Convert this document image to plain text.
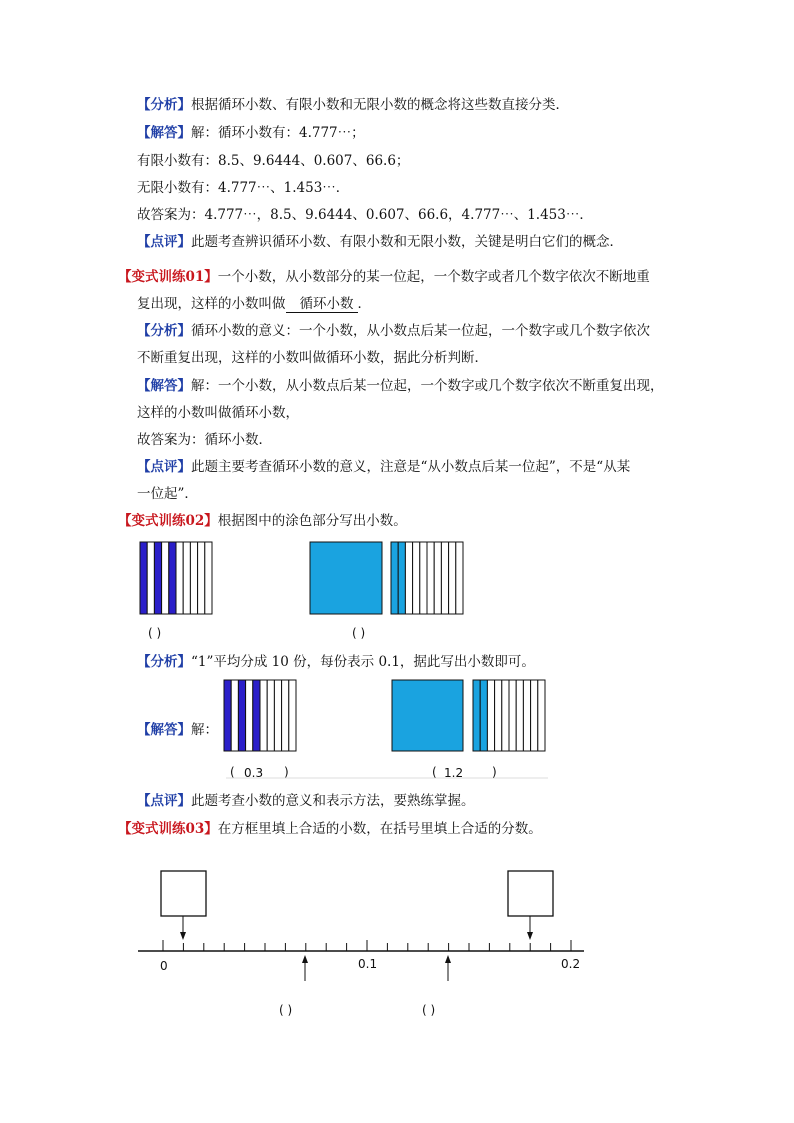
【分析】根据循环小数、有限小数和无限小数的概念将这些数直接分类．
【解答】解：循环小数有：4.777⋯；
有限小数有：8.5、9.6444、0.607、66.6；
无限小数有：4.777⋯、1.453⋯．
故答案为：4.777⋯，8.5、9.6444、0.607、66.6，4.777⋯、1.453⋯．
【点评】此题考查辨识循环小数、有限小数和无限小数，关键是明白它们的概念．
【变式训练01】一个小数，从小数部分的某一位起，一个数字或者几个数字依次不断地重
复出现，这样的小数叫做 循环小数 ．
【分析】循环小数的意义：一个小数，从小数点后某一位起，一个数字或几个数字依次
不断重复出现，这样的小数叫做循环小数，据此分析判断．
【解答】解：一个小数，从小数点后某一位起，一个数字或几个数字依次不断重复出现，
这样的小数叫做循环小数，
故答案为：循环小数．
【点评】此题主要考查循环小数的意义，注意是“从小数点后某一位起”，不是“从某
一位起”．
【变式训练02】根据图中的涂色部分写出小数。
( )	( )
【分析】“1”平均分成 10 份，每份表示 0.1，据此写出小数即可。
【解答】解：
( 0.3 )	( 1.2 )
【点评】此题考查小数的意义和表示方法，要熟练掌握。
【变式训练03】在方框里填上合适的小数，在括号里填上合适的分数。
0	0.1	0.2
( )	( )
